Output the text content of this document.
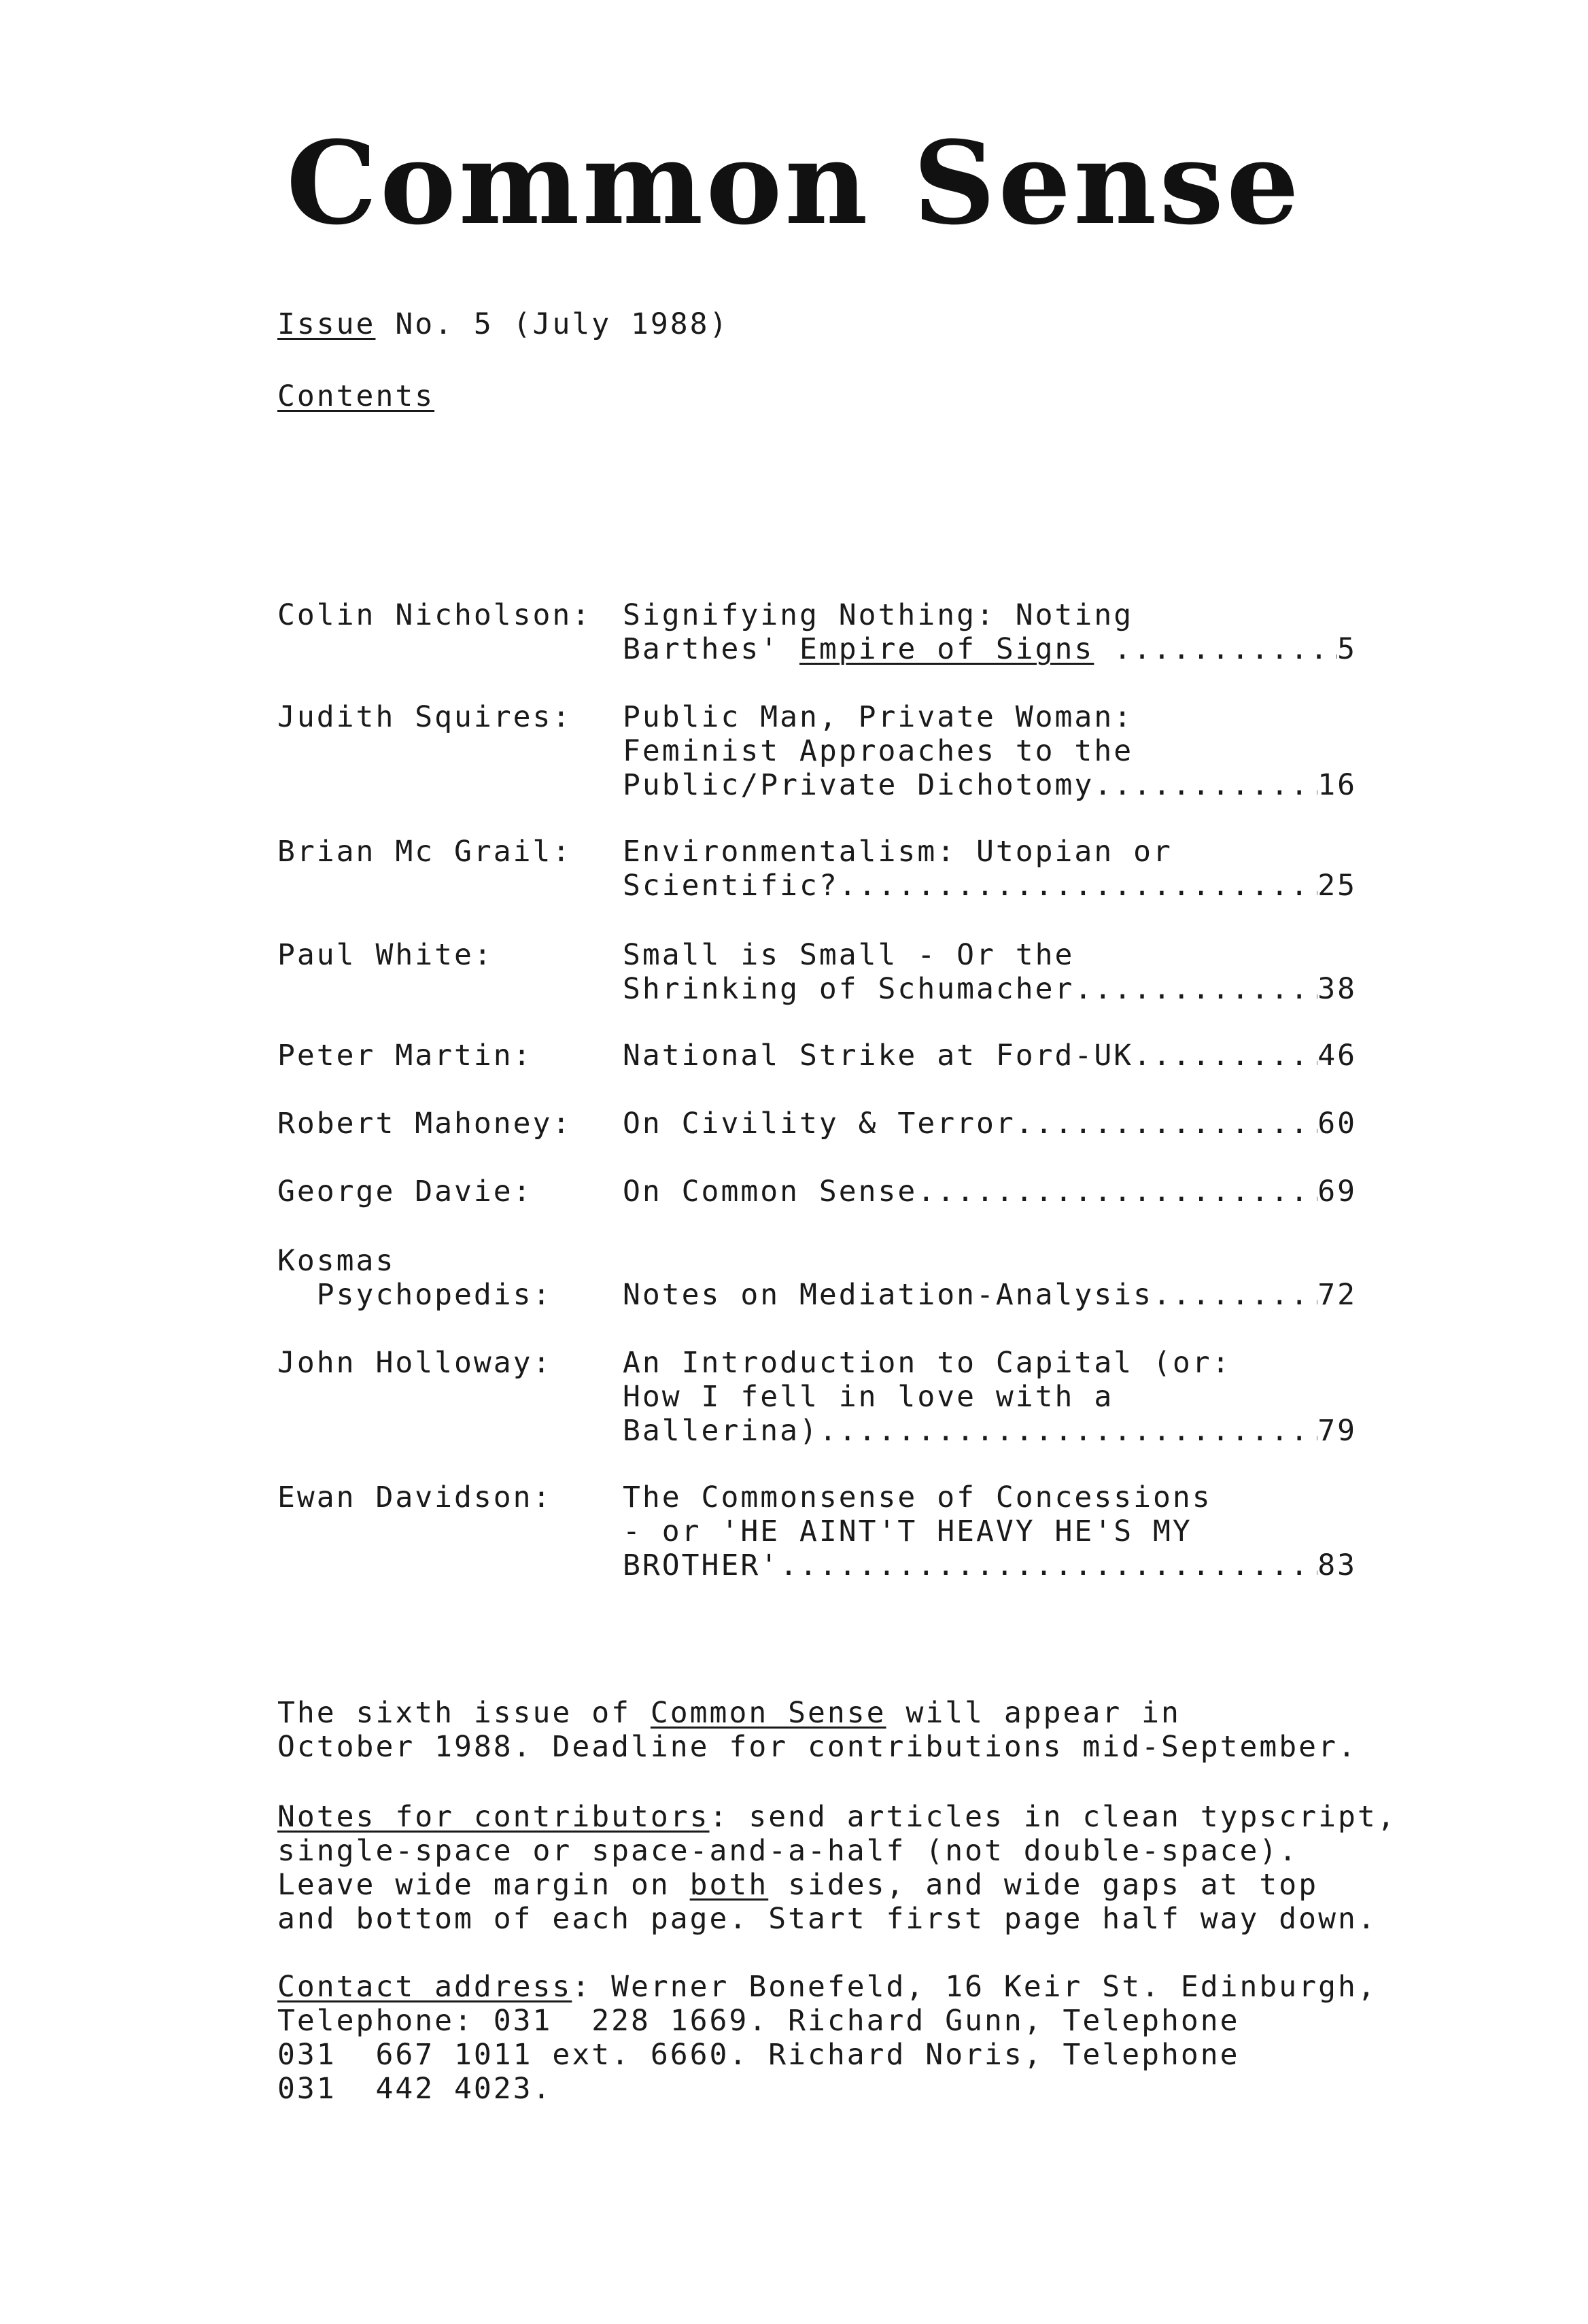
Common Sense
Issue No. 5 (July 1988)
Contents
Colin Nicholson: Signifying Nothing: Noting
Barthes' Empire of Signs
.....	5
Judith Squires: Public Man, Private Woman:
Feminist Approaches to the
Public/Private Dichotomy .....	16
Brian Mc Grail: Environmentalism: Utopian or
Scientific? .....	25
Paul White:	Small is Small - Or the
Shrinking of Schumacher .....	38
Peter Martin:	National Strike at Ford-UK .....	46
Robert Mahoney: On Civility & Terror .....	60
George Davie:	On Common Sense .....	69
Kosmas
Psychopedis: Notes on Mediation-Analysis .....	72
John Holloway: An Introduction to Capital (or:
How I fell in love with a
Ballerina) .....	79
Ewan Davidson: The Commonsense of Concessions
- or 'HE AINT'T HEAVY HE'S MY
BROTHER' .....	83

The sixth issue of Common Sense will appear in

October 1988. Deadline for contributions mid-September.

Notes for contributors: send articles in clean typscript,

single-space or space-and-a-half (not double-space).

Leave wide margin on both sides, and wide gaps at top

and bottom of each page. Start first page half way down.

Contact address: Werner Bonefeld, 16 Keir St. Edinburgh,

Telephone: 031  228 1669. Richard Gunn, Telephone

031  667 1011 ext. 6660. Richard Noris, Telephone

031  442 4023.
